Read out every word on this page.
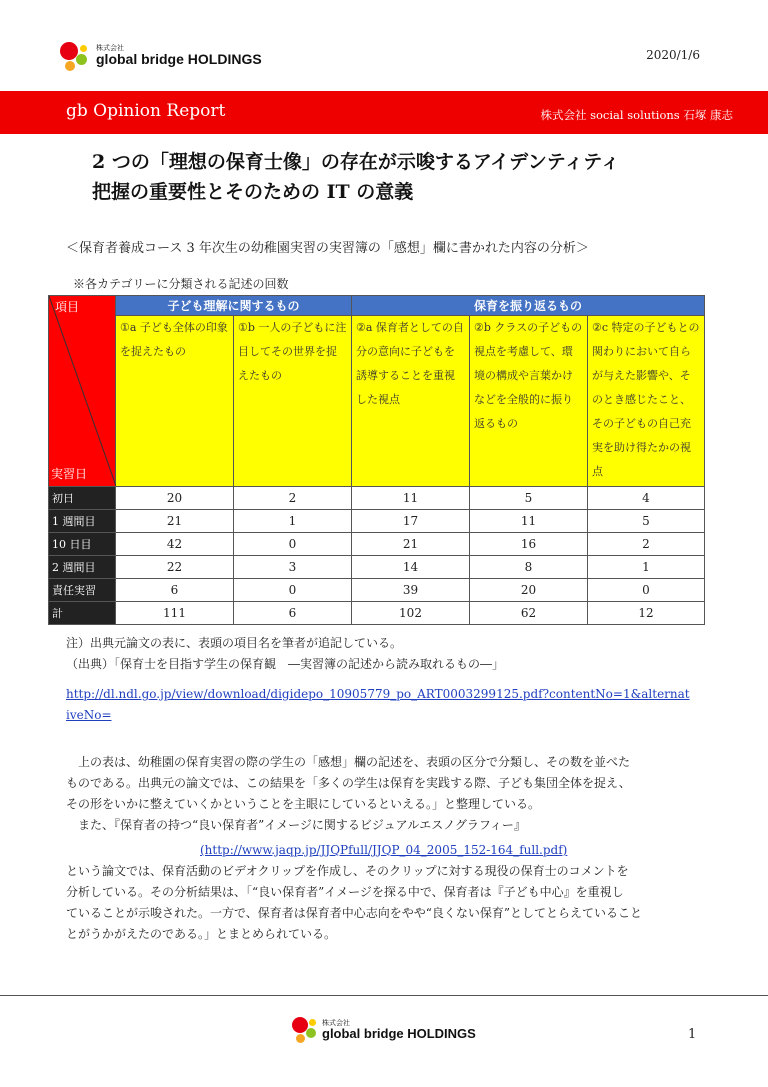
株式会社
global bridge HOLDINGS	2020/1/6
gb Opinion Report	株式会社 social solutions 石塚 康志
2 つの「理想の保育士像」の存在が示唆するアイデンティティ
把握の重要性とそのための IT の意義
＜保育者養成コース 3 年次生の幼稚園実習の実習簿の「感想」欄に書かれた内容の分析＞
※各カテゴリーに分類される記述の回数
項目
実習日	子ども理解に関するもの		保育を振り返るもの		
	①a 子ども全体の印象を捉えたもの	①b 一人の子どもに注目してその世界を捉えたもの	②a 保育者としての自分の意向に子どもを誘導することを重視した視点	②b クラスの子どもの視点を考慮して、環境の構成や言葉かけなどを全般的に振り返るもの	②c 特定の子どもとの関わりにおいて自らが与えた影響や、そのとき感じたこと、その子どもの自己充実を助け得たかの視点
初日	20	2	11	5	4
1 週間目	21	1	17	11	5
10 日目	42	0	21	16	2
2 週間目	22	3	14	8	1
責任実習	6	0	39	20	0
計	111	6	102	62	12
注）出典元論文の表に、表頭の項目名を筆者が追記している。
（出典）「保育士を目指す学生の保育観　―実習簿の記述から読み取れるもの―」
http://dl.ndl.go.jp/view/download/digidepo_10905779_po_ART0003299125.pdf?contentNo=1&alternat
iveNo=
　上の表は、幼稚園の保育実習の際の学生の「感想」欄の記述を、表頭の区分で分類し、その数を並べた
ものである。出典元の論文では、この結果を「多くの学生は保育を実践する際、子ども集団全体を捉え、
その形をいかに整えていくかということを主眼にしているといえる。」と整理している。
　また、『保育者の持つ“良い保育者”イメージに関するビジュアルエスノグラフィー』
(http://www.jaqp.jp/JJQPfull/JJQP_04_2005_152-164_full.pdf)
という論文では、保育活動のビデオクリップを作成し、そのクリップに対する現役の保育士のコメントを
分析している。その分析結果は、「“良い保育者”イメージを探る中で、保育者は『子ども中心』を重視し
ていることが示唆された。一方で、保育者は保育者中心志向をやや“良くない保育”としてとらえていること
とがうかがえたのである。」とまとめられている。
株式会社
global bridge HOLDINGS	1
